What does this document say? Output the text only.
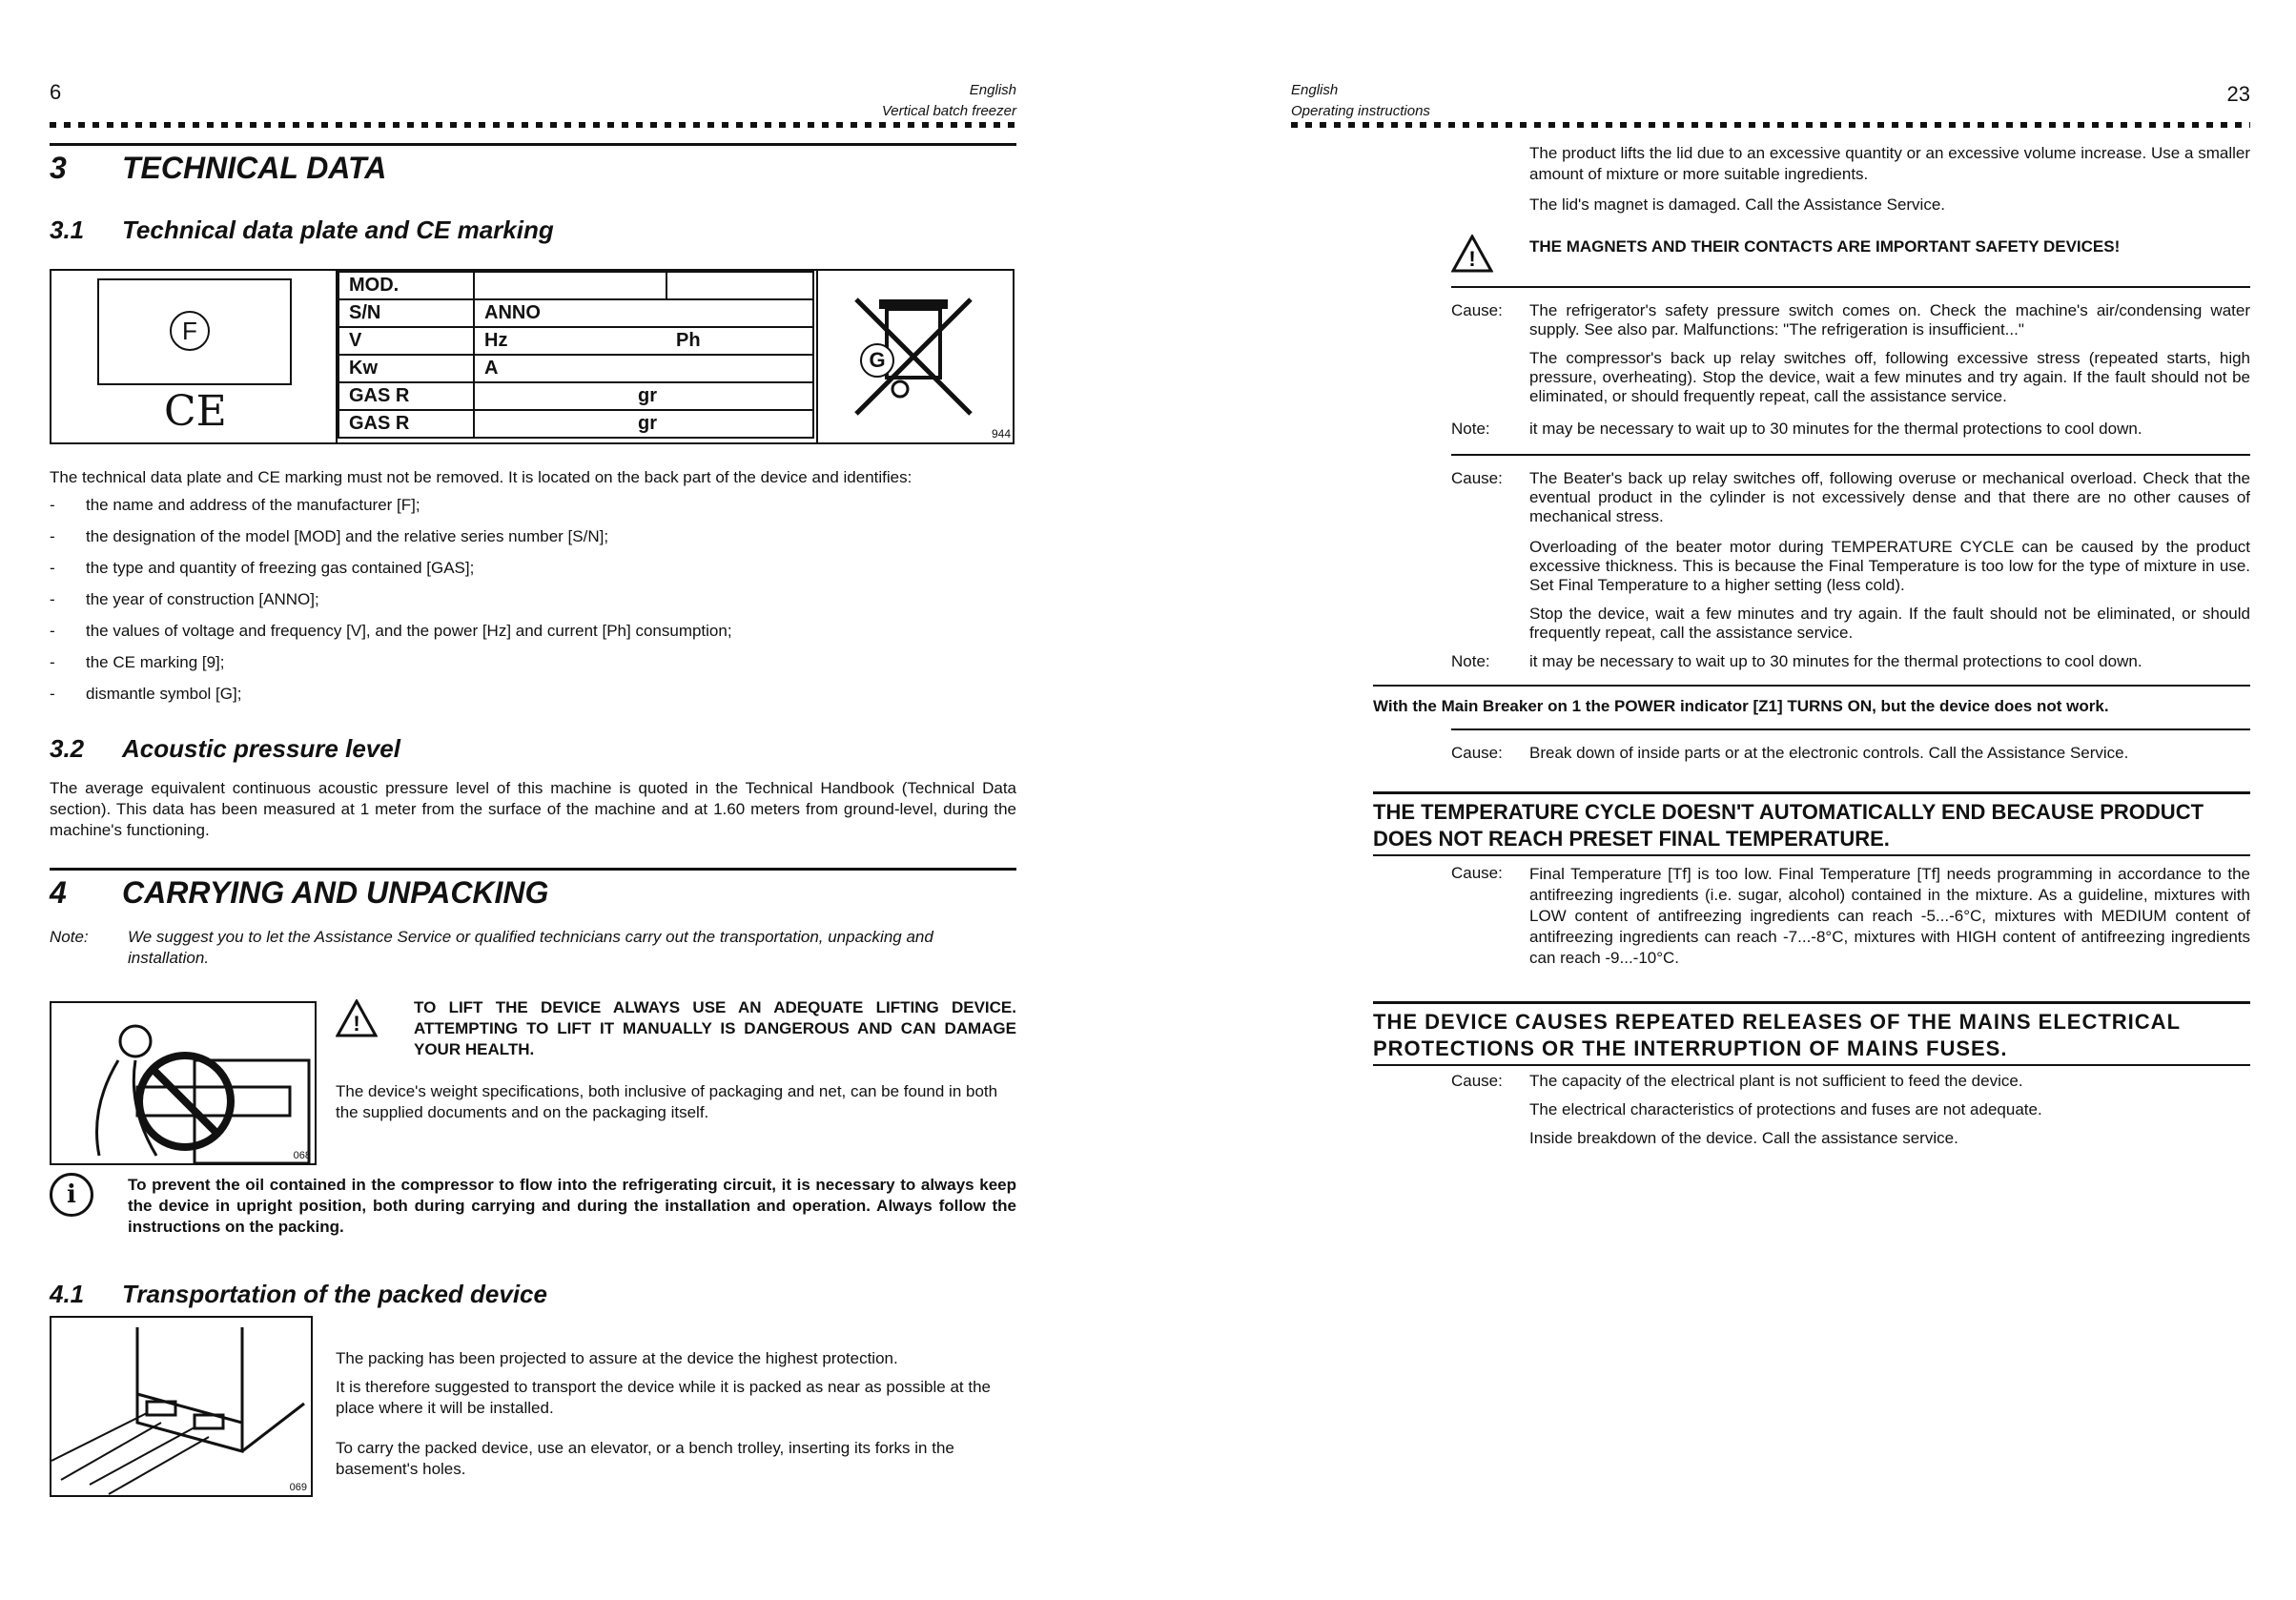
6	English
Vertical batch freezer
3 TECHNICAL DATA
3.1 Technical data plate and CE marking
F
CE
MOD.		
S/N	ANNO	
V	Hz	Ph
Kw	A	
GAS R	gr	
GAS R	gr	
G
944
The technical data plate and CE marking must not be removed. It is located on the back part of the device and identifies:
- the name and address of the manufacturer [F];
- the designation of the model [MOD] and the relative series number [S/N];
- the type and quantity of freezing gas contained [GAS];
- the year of construction [ANNO];
- the values of voltage and frequency [V], and the power [Hz] and current [Ph] consumption;
- the CE marking [9];
- dismantle symbol [G];
3.2 Acoustic pressure level
The average equivalent continuous acoustic pressure level of this machine is quoted in the Technical Handbook (Technical Data section). This data has been measured at 1 meter from the surface of the machine and at 1.60 meters from ground-level, during the machine's functioning.
4 CARRYING AND UNPACKING
Note: We suggest you to let the Assistance Service or qualified technicians carry out the transportation, unpacking and installation.
068
!
TO LIFT THE DEVICE ALWAYS USE AN ADEQUATE LIFTING DEVICE. ATTEMPTING TO LIFT IT MANUALLY IS DANGEROUS AND CAN DAMAGE YOUR HEALTH.
The device's weight specifications, both inclusive of packaging and net, can be found in both the supplied documents and on the packaging itself.
i	To prevent the oil contained in the compressor to flow into the refrigerating circuit, it is necessary to always keep the device in upright position, both during carrying and during the installation and operation. Always follow the instructions on the packing.
4.1 Transportation of the packed device
069
The packing has been projected to assure at the device the highest protection.
It is therefore suggested to transport the device while it is packed as near as possible at the place where it will be installed.
To carry the packed device, use an elevator, or a bench trolley, inserting its forks in the basement's holes.
English
Operating instructions
23
The product lifts the lid due to an excessive quantity or an excessive volume increase. Use a smaller amount of mixture or more suitable ingredients.
The lid's magnet is damaged. Call the Assistance Service.
!
THE MAGNETS AND THEIR CONTACTS ARE IMPORTANT SAFETY DEVICES!
Cause: The refrigerator's safety pressure switch comes on. Check the machine's air/condensing water supply. See also par. Malfunctions: "The refrigeration is insufficient..."
The compressor's back up relay switches off, following excessive stress (repeated starts, high pressure, overheating). Stop the device, wait a few minutes and try again. If the fault should not be eliminated, or should frequently repeat, call the assistance service.
Note: it may be necessary to wait up to 30 minutes for the thermal protections to cool down.
Cause: The Beater's back up relay switches off, following overuse or mechanical overload. Check that the eventual product in the cylinder is not excessively dense and that there are no other causes of mechanical stress.
Overloading of the beater motor during TEMPERATURE CYCLE can be caused by the product excessive thickness. This is because the Final Temperature is too low for the type of mixture in use. Set Final Temperature to a higher setting (less cold).
Stop the device, wait a few minutes and try again. If the fault should not be eliminated, or should frequently repeat, call the assistance service.
Note: it may be necessary to wait up to 30 minutes for the thermal protections to cool down.
With the Main Breaker on 1 the POWER indicator [Z1] TURNS ON, but the device does not work.
Cause: Break down of inside parts or at the electronic controls. Call the Assistance Service.
THE TEMPERATURE CYCLE DOESN'T AUTOMATICALLY END BECAUSE PRODUCT DOES NOT REACH PRESET FINAL TEMPERATURE.
Cause: Final Temperature [Tf] is too low. Final Temperature [Tf] needs programming in accordance to the antifreezing ingredients (i.e. sugar, alcohol) contained in the mixture. As a guideline, mixtures with LOW content of antifreezing ingredients can reach -5...-6°C, mixtures with MEDIUM content of antifreezing ingredients can reach -7...-8°C, mixtures with HIGH content of antifreezing ingredients can reach -9...-10°C.
THE DEVICE CAUSES REPEATED RELEASES OF THE MAINS ELECTRICAL PROTECTIONS OR THE INTERRUPTION OF MAINS FUSES.
Cause: The capacity of the electrical plant is not sufficient to feed the device.
The electrical characteristics of protections and fuses are not adequate.
Inside breakdown of the device. Call the assistance service.
